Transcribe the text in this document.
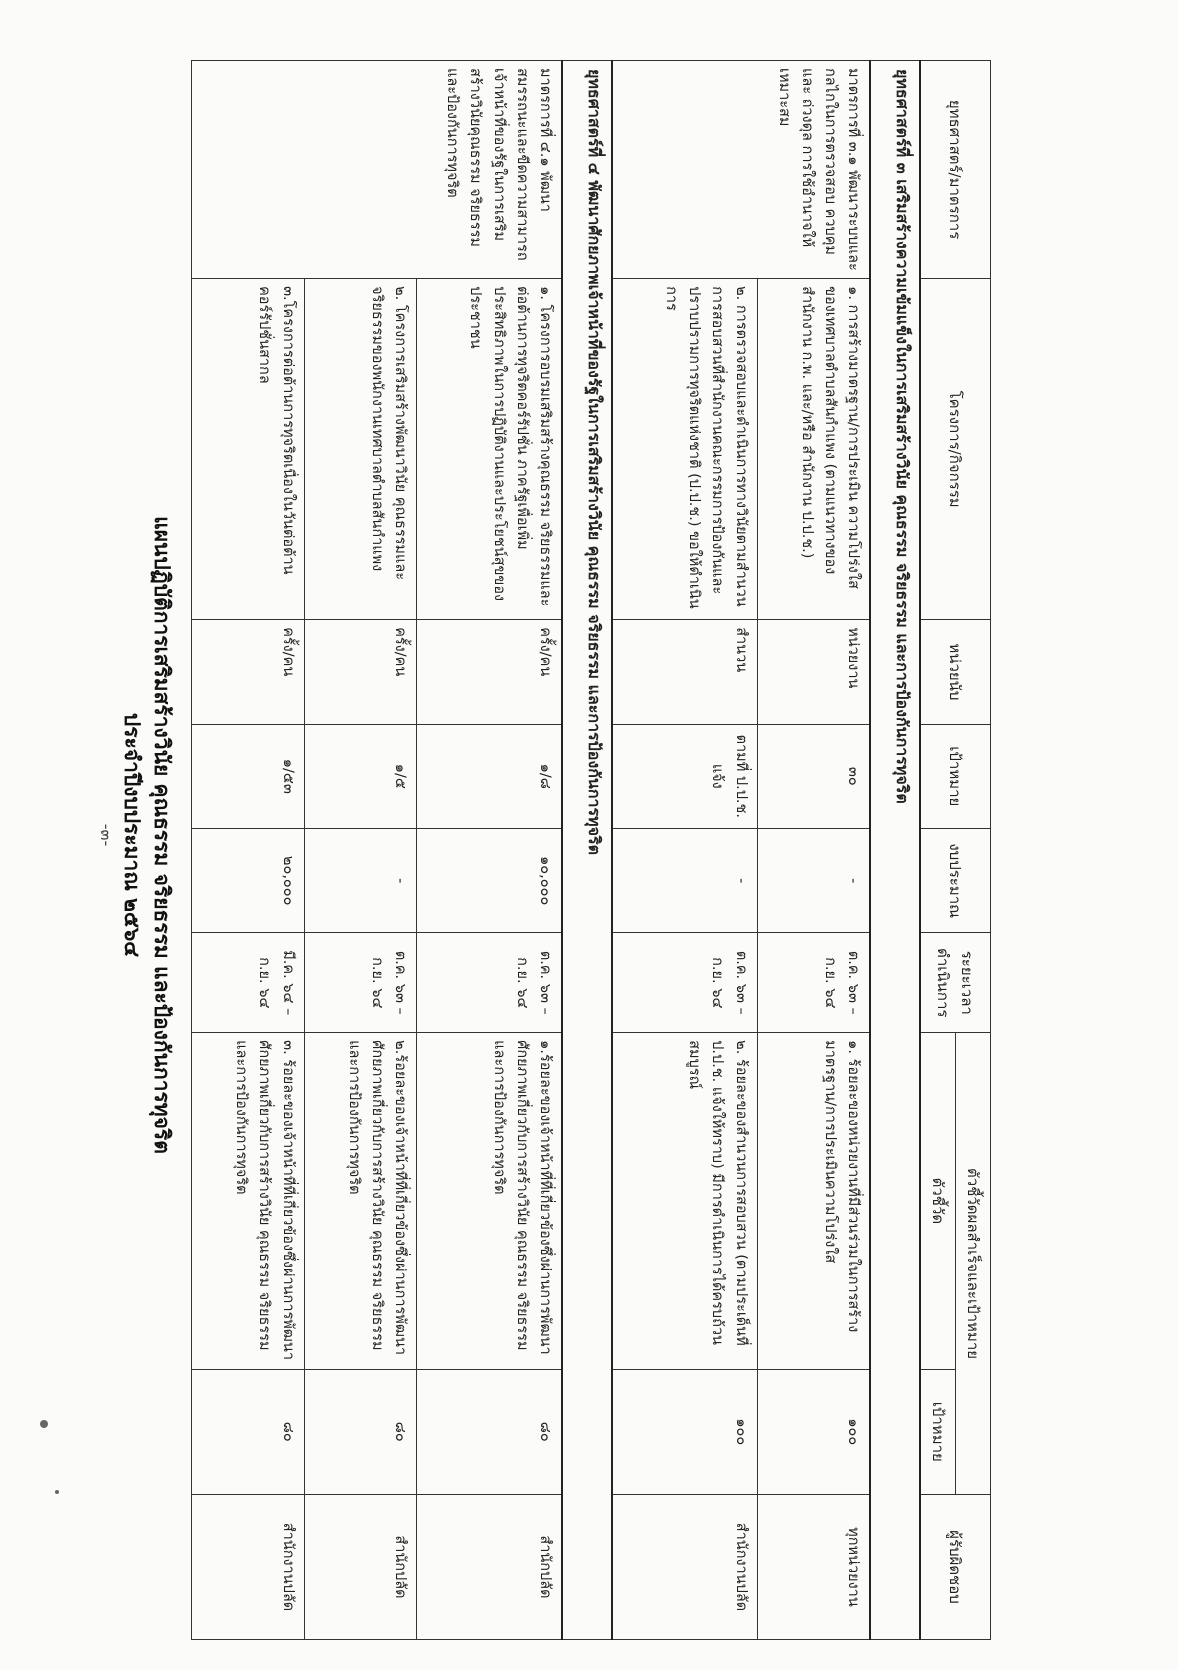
-๓- แผนปฏิบัติการเสริมสร้างวินัย คุณธรรม จริยธรรม และป้องกันการทุจริต
ประจำปีงบประมาณ ๒๕๖๔
ยุทธศาสตร์/มาตรการ	โครงการ/กิจกรรม	หน่วยนับ	เป้าหมาย	งบประมาณ	ระยะเวลาดำเนินการ	ตัวชี้วัดผลสำเร็จและเป้าหมาย		ผู้รับผิดชอบ
						ตัวชี้วัด	เป้าหมาย	
ยุทธศาสตร์ที่ ๓ เสริมสร้างความเข้มแข็งในการเสริมสร้างวินัย คุณธรรม จริยธรรม และการป้องกันการทุจริต								
มาตรการที่ ๓.๑ พัฒนาระบบและกลไกในการตรวจสอบ ควบคุม และ ถ่วงดุล การใช้อำนาจให้เหมาะสม	๑. การสร้างมาตรฐาน/การประเมิน ความโปร่งใสของเทศบาลตำบลสันกำแพง (ตามแนวทางของสำนักงาน ก.พ. และ/หรือ สำนักงาน ป.ป.ช.)	หน่วยงาน	๓๐	-	ต.ค. ๖๓ – ก.ย. ๖๔	๑. ร้อยละของหน่วยงานที่มีส่วนร่วมในการสร้างมาตรฐาน/การประเมินความโปร่งใส	๑๐๐	ทุกหน่วยงาน
	๒. การตรวจสอบและดำเนินการทางวินัยตามสำนวนการสอบสวนที่สำนักงานคณะกรรมการป้องกันและปราบปรามการทุจริตแห่งชาติ (ป.ป.ช.) ขอให้ดำเนินการ	สำนวน	ตามที่ ป.ป.ช. แจ้ง	-	ต.ค. ๖๓ – ก.ย. ๖๔	๒. ร้อยละของสำนวนการสอบสวน (ตามประเด็นที่ ป.ป.ช. แจ้งให้ทราบ) มีการดำเนินการได้ครบถ้วนสมบูรณ์	๑๐๐	สำนักงานปลัด
ยุทธศาสตร์ที่ ๔ พัฒนาศักยภาพเจ้าหน้าที่ของรัฐในการเสริมสร้างวินัย คุณธรรม จริยธรรม และการป้องกันการทุจริต								
มาตรการที่ ๔.๑ พัฒนาสมรรถนะและขีดความสามารถเจ้าหน้าที่ของรัฐในการเสริมสร้างวินัยคุณธรรม จริยธรรม และป้องกันการทุจริต	๑. โครงการอบรมเสริมสร้างคุณธรรม จริยธรรมและต่อต้านการทุจริตคอร์รัปชั่น ภาครัฐเพื่อเพิ่มประสิทธิภาพในการปฏิบัติงานและประโยชน์สุขของประชาชน	ครั้ง/คน	๑/๘	๑๐,๐๐๐	ต.ค. ๖๓ – ก.ย. ๖๔	๑.ร้อยละของเจ้าหน้าที่ที่เกี่ยวข้องซึ่งผ่านการพัฒนาศักยภาพเกี่ยวกับการสร้างวินัย คุณธรรม จริยธรรม และการป้องกันการทุจริต	๘๐	สำนักปลัด
	๒. โครงการเสริมสร้างพัฒนาวินัย คุณธรรมและจริยธรรมของพนักงานเทศบาลตำบลสันกำแพง	ครั้ง/คน	๑/๕	-	ต.ค. ๖๓ – ก.ย. ๖๔	๒.ร้อยละของเจ้าหน้าที่ที่เกี่ยวข้องซึ่งผ่านการพัฒนาศักยภาพเกี่ยวกับการสร้างวินัย คุณธรรม จริยธรรม และการป้องกันการทุจริต	๘๐	สำนักปลัด
	๓.โครงการต่อต้านการทุจริตเนื่องในวันต่อต้านคอร์รัปชั่นสากล	ครั้ง/คน	๑/๕๓	๒๐,๐๐๐	มี.ค. ๖๔ – ก.ย. ๖๔	๓. ร้อยละของเจ้าหน้าที่ที่เกี่ยวข้องซึ่งผ่านการพัฒนาศักยภาพเกี่ยวกับการสร้างวินัย คุณธรรม จริยธรรม และการป้องกันการทุจริต	๘๐	สำนักงานปลัด
